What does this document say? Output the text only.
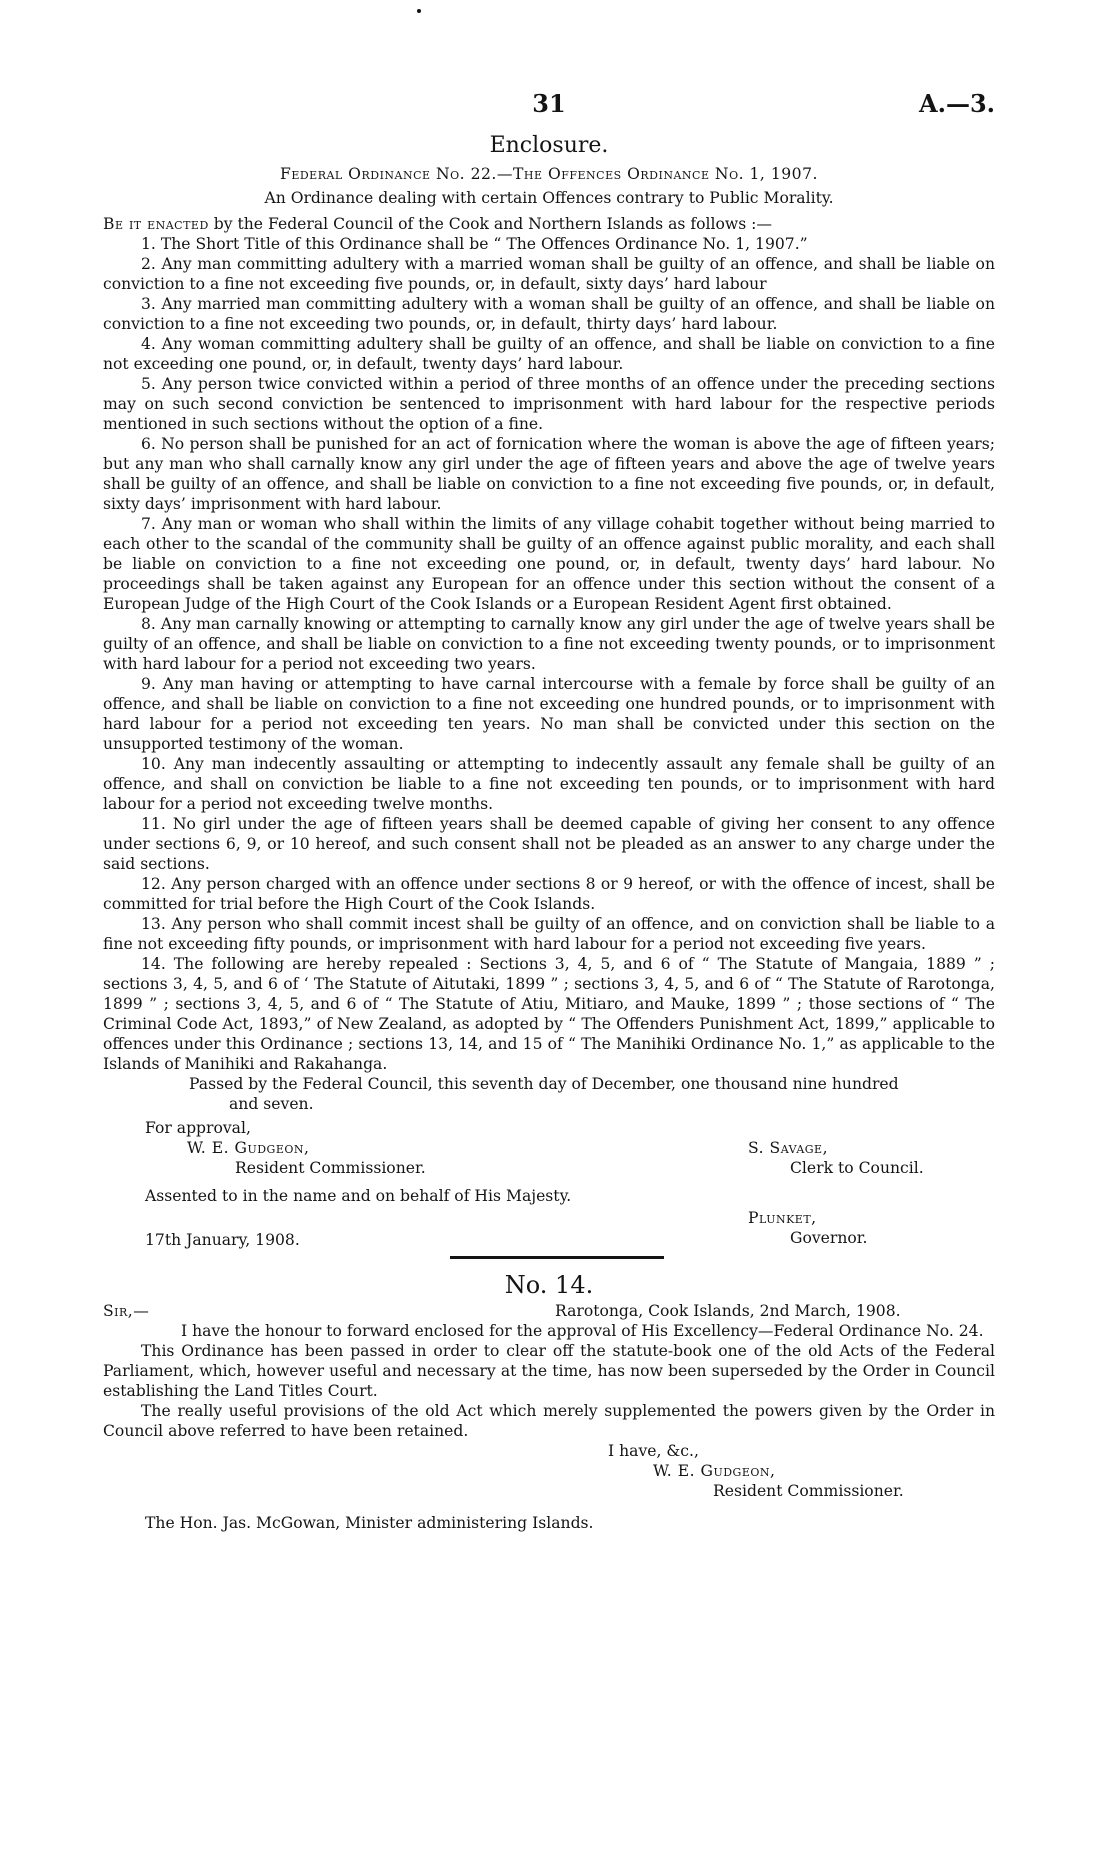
31	A.—3.
Enclosure.

Federal Ordinance No. 22.—The Offences Ordinance No. 1, 1907.

An Ordinance dealing with certain Offences contrary to Public Morality.

Be it enacted by the Federal Council of the Cook and Northern Islands as follows :—

1. The Short Title of this Ordinance shall be “ The Offences Ordinance No. 1, 1907.”

2. Any man committing adultery with a married woman shall be guilty of an offence, and shall be liable on conviction to a fine not exceeding five pounds, or, in default, sixty days’ hard labour

3. Any married man committing adultery with a woman shall be guilty of an offence, and shall be liable on conviction to a fine not exceeding two pounds, or, in default, thirty days’ hard labour.

4. Any woman committing adultery shall be guilty of an offence, and shall be liable on conviction to a fine not exceeding one pound, or, in default, twenty days’ hard labour.

5. Any person twice convicted within a period of three months of an offence under the preceding sections may on such second conviction be sentenced to imprisonment with hard labour for the respective periods mentioned in such sections without the option of a fine.

6. No person shall be punished for an act of fornication where the woman is above the age of fifteen years; but any man who shall carnally know any girl under the age of fifteen years and above the age of twelve years shall be guilty of an offence, and shall be liable on conviction to a fine not exceeding five pounds, or, in default, sixty days’ imprisonment with hard labour.

7. Any man or woman who shall within the limits of any village cohabit together without being married to each other to the scandal of the community shall be guilty of an offence against public morality, and each shall be liable on conviction to a fine not exceeding one pound, or, in default, twenty days’ hard labour. No proceedings shall be taken against any European for an offence under this section without the consent of a European Judge of the High Court of the Cook Islands or a European Resident Agent first obtained.

8. Any man carnally knowing or attempting to carnally know any girl under the age of twelve years shall be guilty of an offence, and shall be liable on conviction to a fine not exceeding twenty pounds, or to imprisonment with hard labour for a period not exceeding two years.

9. Any man having or attempting to have carnal intercourse with a female by force shall be guilty of an offence, and shall be liable on conviction to a fine not exceeding one hundred pounds, or to imprisonment with hard labour for a period not exceeding ten years. No man shall be convicted under this section on the unsupported testimony of the woman.

10. Any man indecently assaulting or attempting to indecently assault any female shall be guilty of an offence, and shall on conviction be liable to a fine not exceeding ten pounds, or to imprisonment with hard labour for a period not exceeding twelve months.

11. No girl under the age of fifteen years shall be deemed capable of giving her consent to any offence under sections 6, 9, or 10 hereof, and such consent shall not be pleaded as an answer to any charge under the said sections.

12. Any person charged with an offence under sections 8 or 9 hereof, or with the offence of incest, shall be committed for trial before the High Court of the Cook Islands.

13. Any person who shall commit incest shall be guilty of an offence, and on conviction shall be liable to a fine not exceeding fifty pounds, or imprisonment with hard labour for a period not exceeding five years.

14. The following are hereby repealed : Sections 3, 4, 5, and 6 of “ The Statute of Mangaia, 1889 ” ; sections 3, 4, 5, and 6 of ‘ The Statute of Aitutaki, 1899 ” ; sections 3, 4, 5, and 6 of “ The Statute of Rarotonga, 1899 ” ; sections 3, 4, 5, and 6 of “ The Statute of Atiu, Mitiaro, and Mauke, 1899 ” ; those sections of “ The Criminal Code Act, 1893,” of New Zealand, as adopted by “ The Offenders Punishment Act, 1899,” applicable to offences under this Ordinance ; sections 13, 14, and 15 of “ The Manihiki Ordinance No. 1,” as applicable to the Islands of Manihiki and Rakahanga.

Passed by the Federal Council, this seventh day of December, one thousand nine hundred

and seven.

For approval,
W. E. Gudgeon,
Resident Commissioner.
S. Savage,
Clerk to Council.
Assented to in the name and on behalf of His Majesty.
Plunket,
Governor.
17th January, 1908.
No. 14.
Sir,—	Rarotonga, Cook Islands, 2nd March, 1908.

I have the honour to forward enclosed for the approval of His Excellency—Federal Ordinance No. 24.

This Ordinance has been passed in order to clear off the statute-book one of the old Acts of the Federal Parliament, which, however useful and necessary at the time, has now been superseded by the Order in Council establishing the Land Titles Court.

The really useful provisions of the old Act which merely supplemented the powers given by the Order in Council above referred to have been retained.

I have, &c.,
W. E. Gudgeon,
Resident Commissioner.

The Hon. Jas. McGowan, Minister administering Islands.
